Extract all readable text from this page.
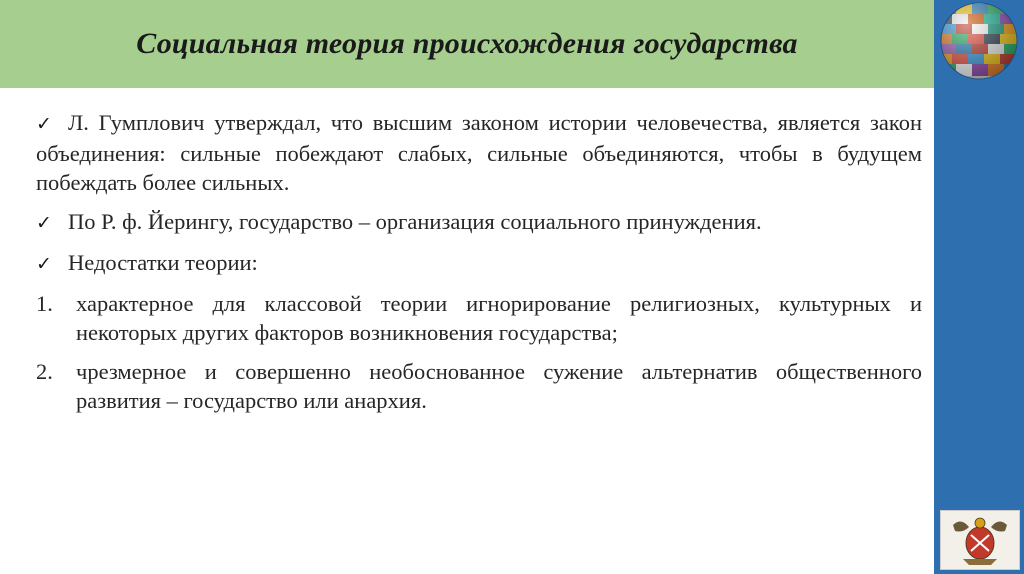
Социальная теория происхождения государства

✓ Л. Гумплович утверждал, что высшим законом истории человечества, является закон объединения: сильные побеждают слабых, сильные объединяются, чтобы в будущем побеждать более сильных.

✓ По Р. ф. Йерингу, государство – организация социального принуждения.

✓ Недостатки теории:

1.	характерное для классовой теории игнорирование религиозных, культурных и некоторых других факторов возникновения государства;
2.	чрезмерное и совершенно необоснованное сужение альтернатив общественного развития – государство или анархия.
